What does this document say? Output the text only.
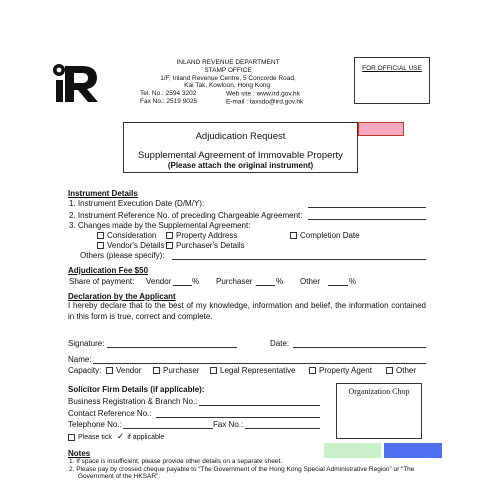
INLAND REVENUE DEPARTMENT
STAMP OFFICE
1/F, Inland Revenue Centre, 5 Concorde Road,
Kai Tak, Kowloon, Hong Kong.
Tel. No.: 2594 3202	Web site : www.ird.gov.hk
Fax No.: 2519 9025	E-mail : taxsdo@ird.gov.hk
FOR OFFICIAL USE
Adjudication Request
Supplemental Agreement of Immovable Property
(Please attach the original instrument)
Instrument Details
1. Instrument Execution Date (D/M/Y):
2. Instrument Reference No. of preceding Chargeable Agreement:
3. Changes made by the Supplemental Agreement:
Consideration	Property Address	Completion Date
Vendor's Details	Purchaser's Details
Others (please specify):
Adjudication Fee $50
Share of payment: Vendor	% Purchaser	% Other	%
Declaration by the Applicant
I hereby declare that to the best of my knowledge, information and belief, the information contained in this form is true, correct and complete.
Signature:	Date:
Name:
Capacity:	Vendor	Purchaser	Legal Representative	Property Agent	Other
Solicitor Firm Details (if applicable):
Business Registration & Branch No.:
Contact Reference No.:
Telephone No.:	Fax No.:
Please tick ✓ if applicable
Organization Chop
Notes
1. If space is insufficient, please provide other details on a separate sheet.
2. Please pay by crossed cheque payable to “The Government of the Hong Kong Special Administrative Region” or “The
Government of the HKSAR”.
